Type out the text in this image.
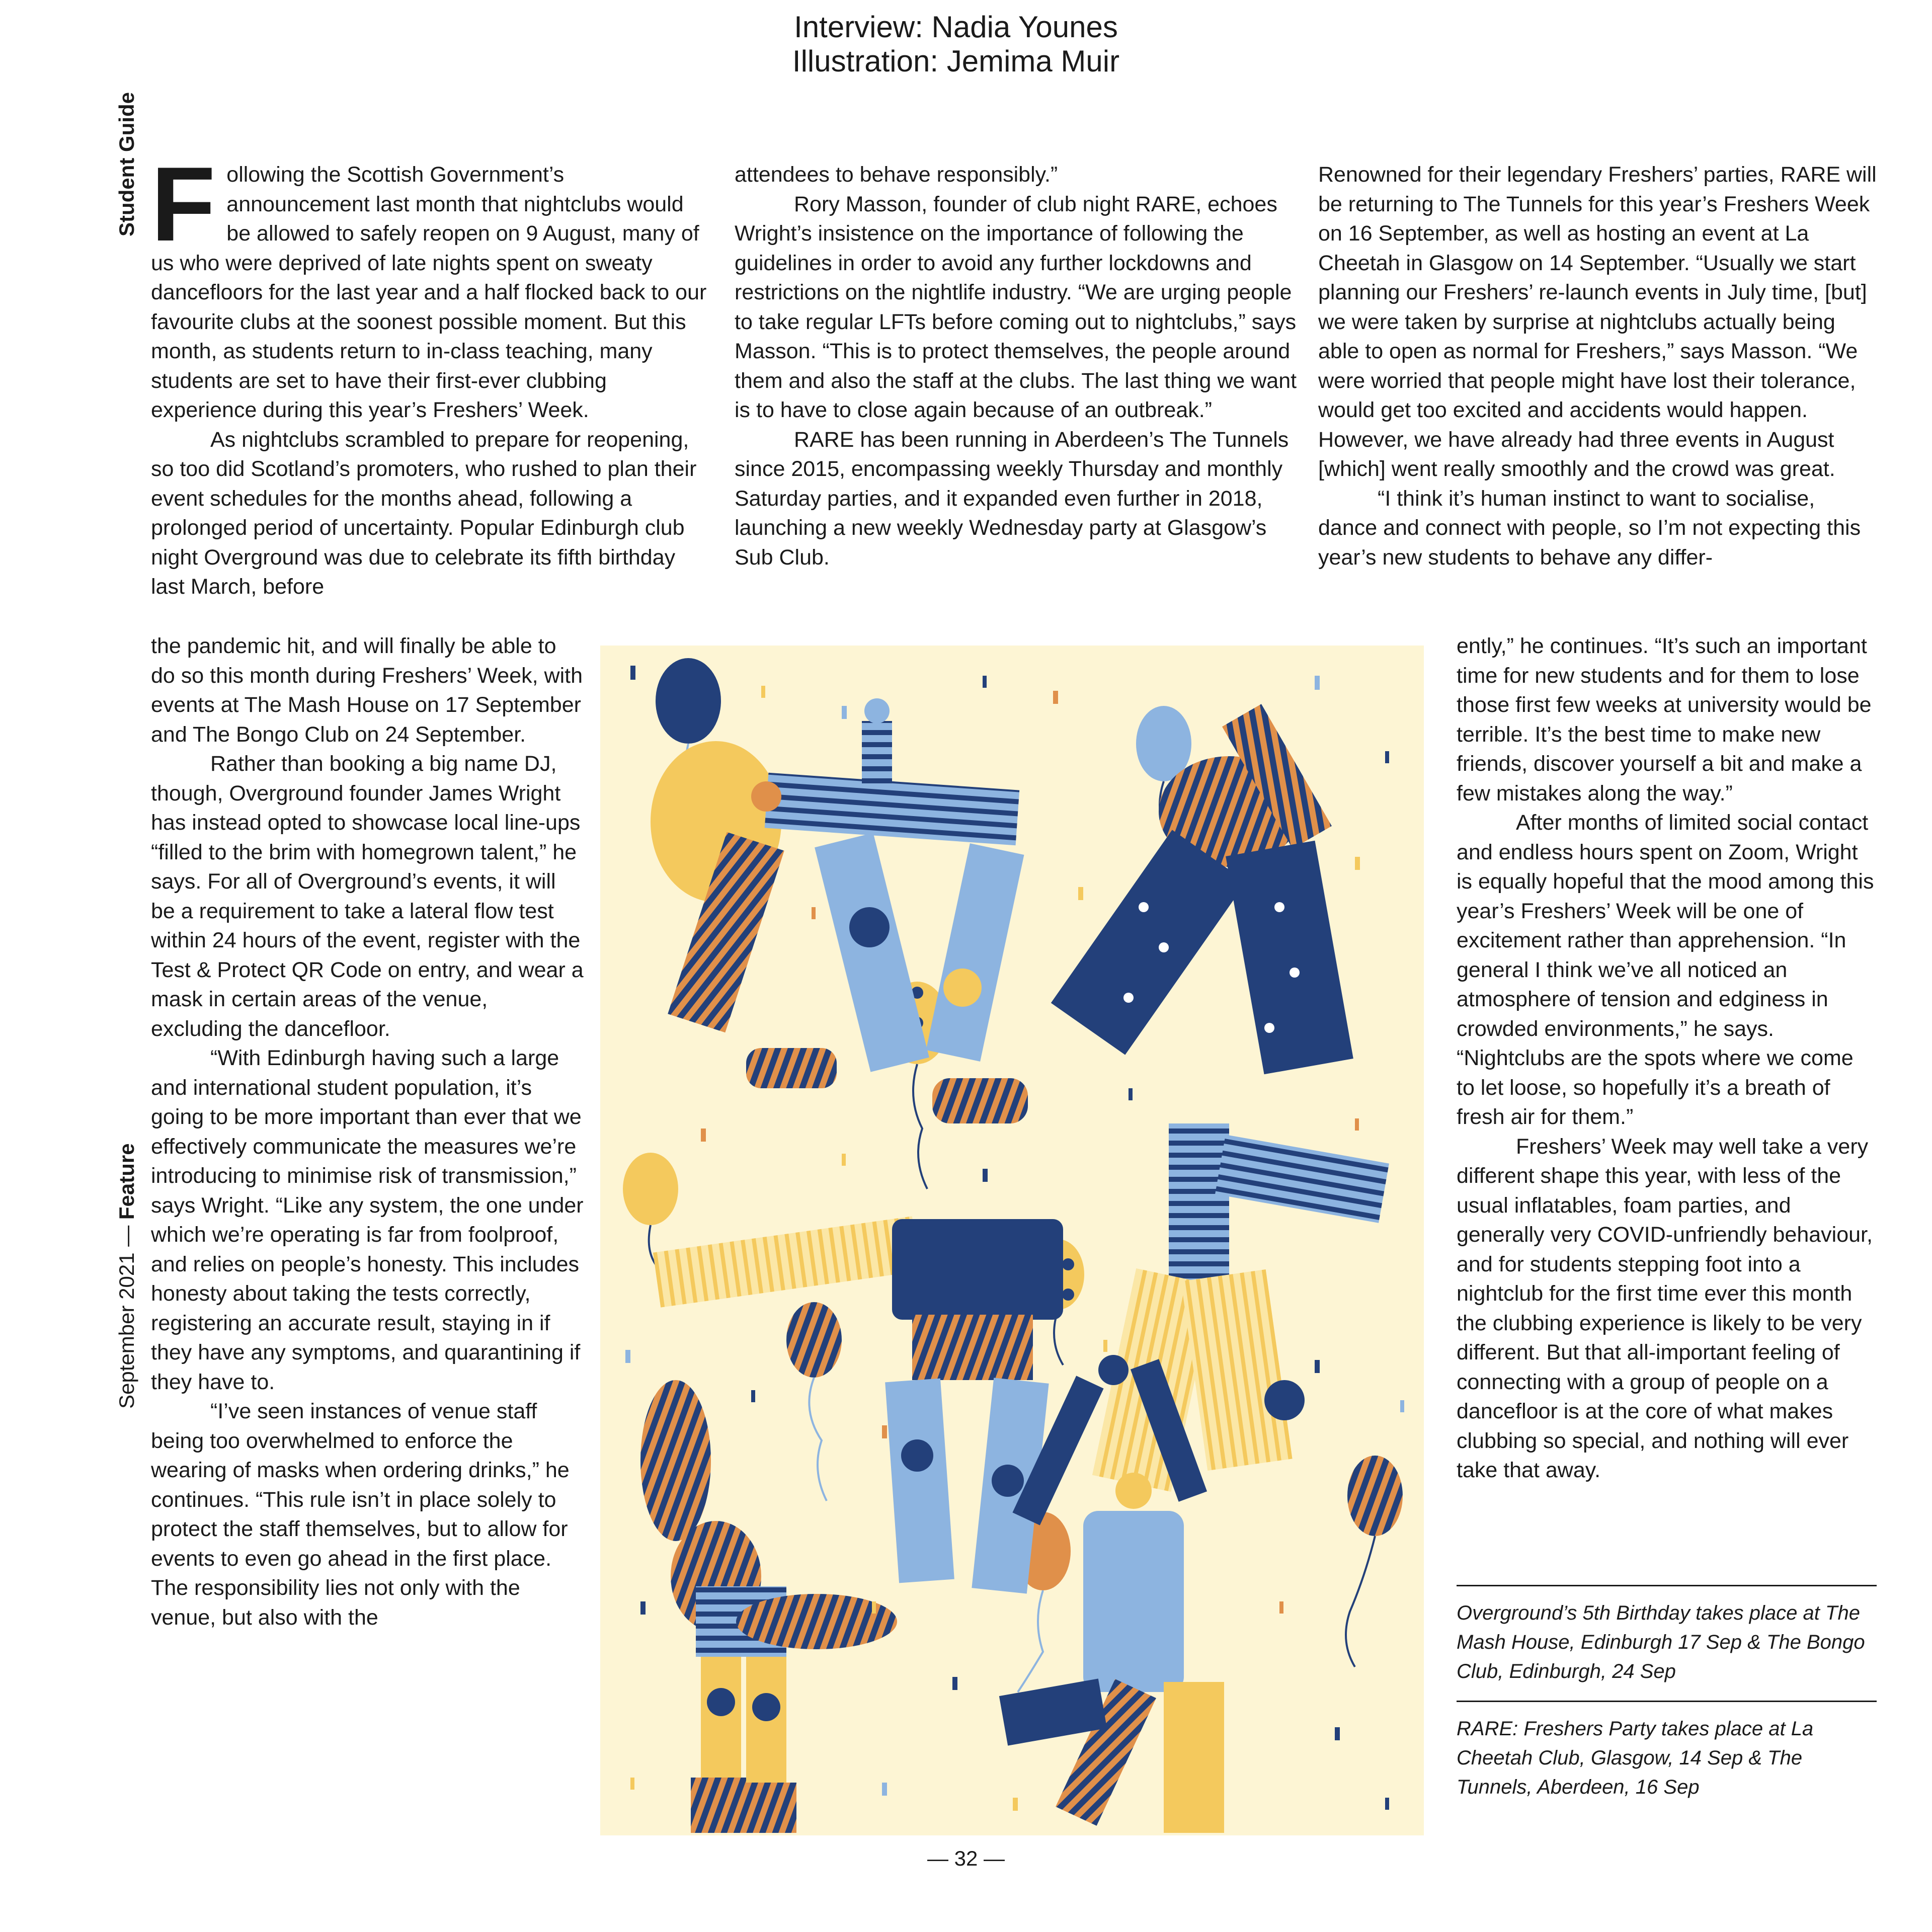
Interview: Nadia Younes
Illustration: Jemima Muir
Student Guide
September 2021 — Feature
F ollowing the Scottish Government’s announcement last month that nightclubs would be allowed to safely reopen on 9 August, many of us who were deprived of late nights spent on sweaty dancefloors for the last year and a half flocked back to our favourite clubs at the soonest possible moment. But this month, as students return to in-class teaching, many students are set to have their first-ever clubbing experience during this year’s Freshers’ Week.

As nightclubs scrambled to prepare for reopening, so too did Scotland’s promoters, who rushed to plan their event schedules for the months ahead, following a prolonged period of uncertainty. Popular Edinburgh club night Overground was due to celebrate its fifth birthday last March, before

the pandemic hit, and will finally be able to do so this month during Freshers’ Week, with events at The Mash House on 17 September and The Bongo Club on 24 September.

Rather than booking a big name DJ, though, Overground founder James Wright has instead opted to showcase local line-ups “filled to the brim with homegrown talent,” he says. For all of Overground’s events, it will be a requirement to take a lateral flow test within 24 hours of the event, register with the Test & Protect QR Code on entry, and wear a mask in certain areas of the venue, excluding the dancefloor.

“With Edinburgh having such a large and international student population, it’s going to be more important than ever that we effectively communicate the measures we’re introducing to minimise risk of transmission,” says Wright. “Like any system, the one under which we’re operating is far from foolproof, and relies on people’s honesty. This includes honesty about taking the tests correctly, registering an accurate result, staying in if they have any symptoms, and quarantining if they have to.

“I’ve seen instances of venue staff being too overwhelmed to enforce the wearing of masks when ordering drinks,” he continues. “This rule isn’t in place solely to protect the staff themselves, but to allow for events to even go ahead in the first place. The responsibility lies not only with the venue, but also with the

attendees to behave responsibly.”

Rory Masson, founder of club night RARE, echoes Wright’s insistence on the importance of following the guidelines in order to avoid any further lockdowns and restrictions on the nightlife industry. “We are urging people to take regular LFTs before coming out to nightclubs,” says Masson. “This is to protect themselves, the people around them and also the staff at the clubs. The last thing we want is to have to close again because of an outbreak.”

RARE has been running in Aberdeen’s The Tunnels since 2015, encompassing weekly Thursday and monthly Saturday parties, and it expanded even further in 2018, launching a new weekly Wednesday party at Glasgow’s Sub Club.

Renowned for their legendary Freshers’ parties, RARE will be returning to The Tunnels for this year’s Freshers Week on 16 September, as well as hosting an event at La Cheetah in Glasgow on 14 September. “Usually we start planning our Freshers’ re-launch events in July time, [but] we were taken by surprise at nightclubs actually being able to open as normal for Freshers,” says Masson. “We were worried that people might have lost their tolerance, would get too excited and accidents would happen. However, we have already had three events in August [which] went really smoothly and the crowd was great.

“I think it’s human instinct to want to socialise, dance and connect with people, so I’m not expecting this year’s new students to behave any differ-

ently,” he continues. “It’s such an important time for new students and for them to lose those first few weeks at university would be terrible. It’s the best time to make new friends, discover yourself a bit and make a few mistakes along the way.”

After months of limited social contact and endless hours spent on Zoom, Wright is equally hopeful that the mood among this year’s Freshers’ Week will be one of excitement rather than apprehension. “In general I think we’ve all noticed an atmosphere of tension and edginess in crowded environments,” he says. “Nightclubs are the spots where we come to let loose, so hopefully it’s a breath of fresh air for them.”

Freshers’ Week may well take a very different shape this year, with less of the usual inflatables, foam parties, and generally very COVID-unfriendly behaviour, and for students stepping foot into a nightclub for the first time ever this month the clubbing experience is likely to be very different. But that all-important feeling of connecting with a group of people on a dancefloor is at the core of what makes clubbing so special, and nothing will ever take that away.

Overground’s 5th Birthday takes place at The Mash House, Edinburgh 17 Sep & The Bongo Club, Edinburgh, 24 Sep
RARE: Freshers Party takes place at La Cheetah Club, Glasgow, 14 Sep & The Tunnels, Aberdeen, 16 Sep
— 32 —
